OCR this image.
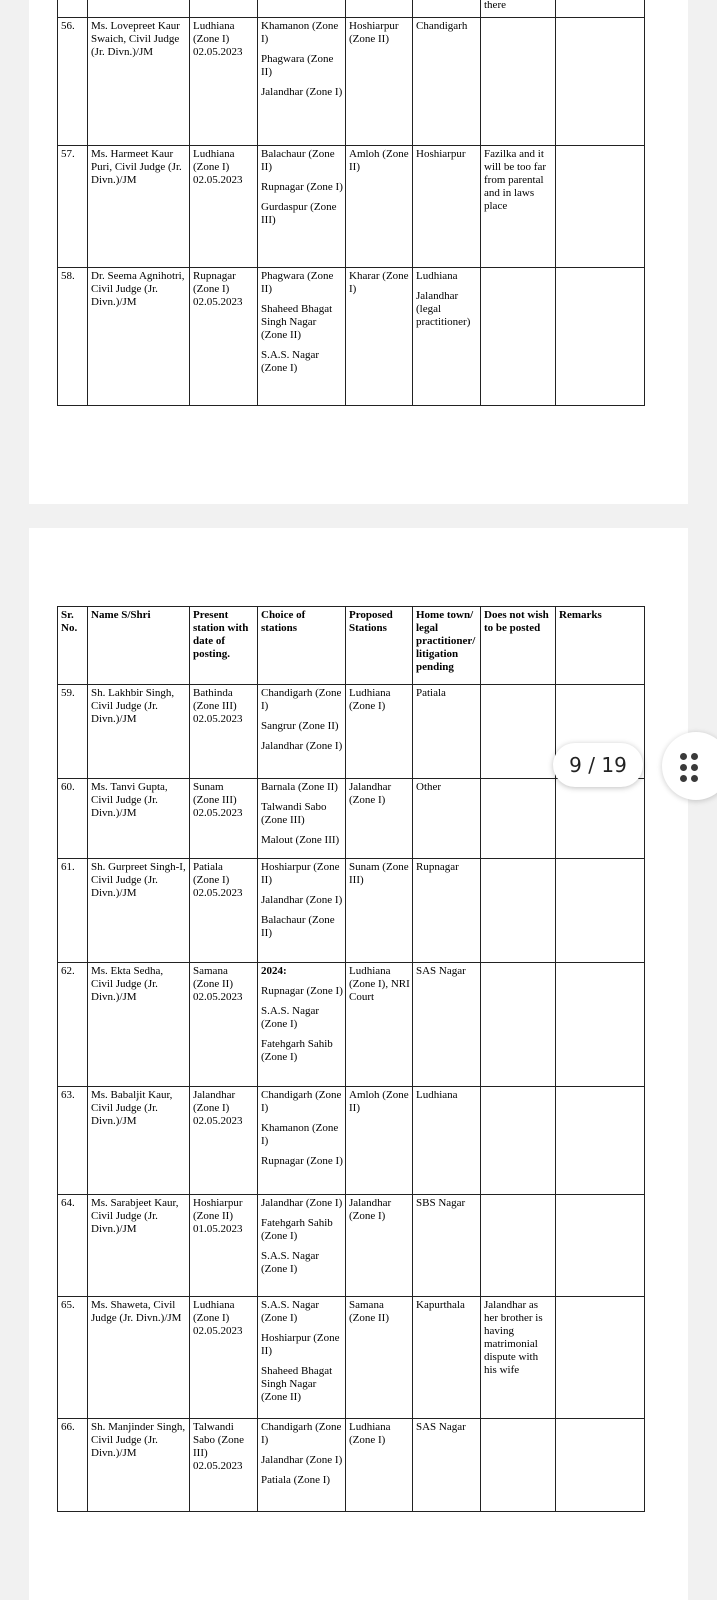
						there	
56.	Ms. Lovepreet Kaur Swaich, Civil Judge (Jr. Divn.)/JM	Ludhiana
(Zone I)
02.05.2023	Khamanon (Zone I)
Phagwara (Zone II)
Jalandhar (Zone I)	Hoshiarpur (Zone II)	Chandigarh		
57.	Ms. Harmeet Kaur Puri, Civil Judge (Jr. Divn.)/JM	Ludhiana
(Zone I)
02.05.2023	Balachaur (Zone II)
Rupnagar (Zone I)
Gurdaspur (Zone III)	Amloh (Zone II)	Hoshiarpur	Fazilka and it will be too far from parental and in laws place	
58.	Dr. Seema Agnihotri, Civil Judge (Jr. Divn.)/JM	Rupnagar
(Zone I)
02.05.2023	Phagwara (Zone II)
Shaheed Bhagat Singh Nagar (Zone II)
S.A.S. Nagar (Zone I)	Kharar (Zone I)	Ludhiana
Jalandhar (legal practitioner)		

Sr. No.	Name S/Shri	Present station with date of posting.	Choice of stations	Proposed Stations	Home town/ legal practitioner/ litigation pending	Does not wish to be posted	Remarks
59.	Sh. Lakhbir Singh, Civil Judge (Jr. Divn.)/JM	Bathinda
(Zone III)
02.05.2023	Chandigarh (Zone I)
Sangrur (Zone II)
Jalandhar (Zone I)	Ludhiana (Zone I)	Patiala		
60.	Ms. Tanvi Gupta, Civil Judge (Jr. Divn.)/JM	Sunam
(Zone III)
02.05.2023	Barnala (Zone II)
Talwandi Sabo (Zone III)
Malout (Zone III)	Jalandhar (Zone I)	Other		
61.	Sh. Gurpreet Singh-I, Civil Judge (Jr. Divn.)/JM	Patiala
(Zone I)
02.05.2023	Hoshiarpur (Zone II)
Jalandhar (Zone I)
Balachaur (Zone II)	Sunam (Zone III)	Rupnagar		
62.	Ms. Ekta Sedha, Civil Judge (Jr. Divn.)/JM	Samana
(Zone II)
02.05.2023	2024:
Rupnagar (Zone I)
S.A.S. Nagar (Zone I)
Fatehgarh Sahib (Zone I)	Ludhiana (Zone I), NRI Court	SAS Nagar		
63.	Ms. Babaljit Kaur, Civil Judge (Jr. Divn.)/JM	Jalandhar
(Zone I)
02.05.2023	Chandigarh (Zone I)
Khamanon (Zone I)
Rupnagar (Zone I)	Amloh (Zone II)	Ludhiana		
64.	Ms. Sarabjeet Kaur, Civil Judge (Jr. Divn.)/JM	Hoshiarpur
(Zone II)
01.05.2023	Jalandhar (Zone I)
Fatehgarh Sahib (Zone I)
S.A.S. Nagar (Zone I)	Jalandhar (Zone I)	SBS Nagar		
65.	Ms. Shaweta, Civil Judge (Jr. Divn.)/JM	Ludhiana
(Zone I)
02.05.2023	S.A.S. Nagar (Zone I)
Hoshiarpur (Zone II)
Shaheed Bhagat Singh Nagar (Zone II)	Samana (Zone II)	Kapurthala	Jalandhar as her brother is having matrimonial dispute with his wife	
66.	Sh. Manjinder Singh, Civil Judge (Jr. Divn.)/JM	Talwandi
Sabo (Zone III)
02.05.2023	Chandigarh (Zone I)
Jalandhar (Zone I)
Patiala (Zone I)	Ludhiana (Zone I)	SAS Nagar		
9 / 19
